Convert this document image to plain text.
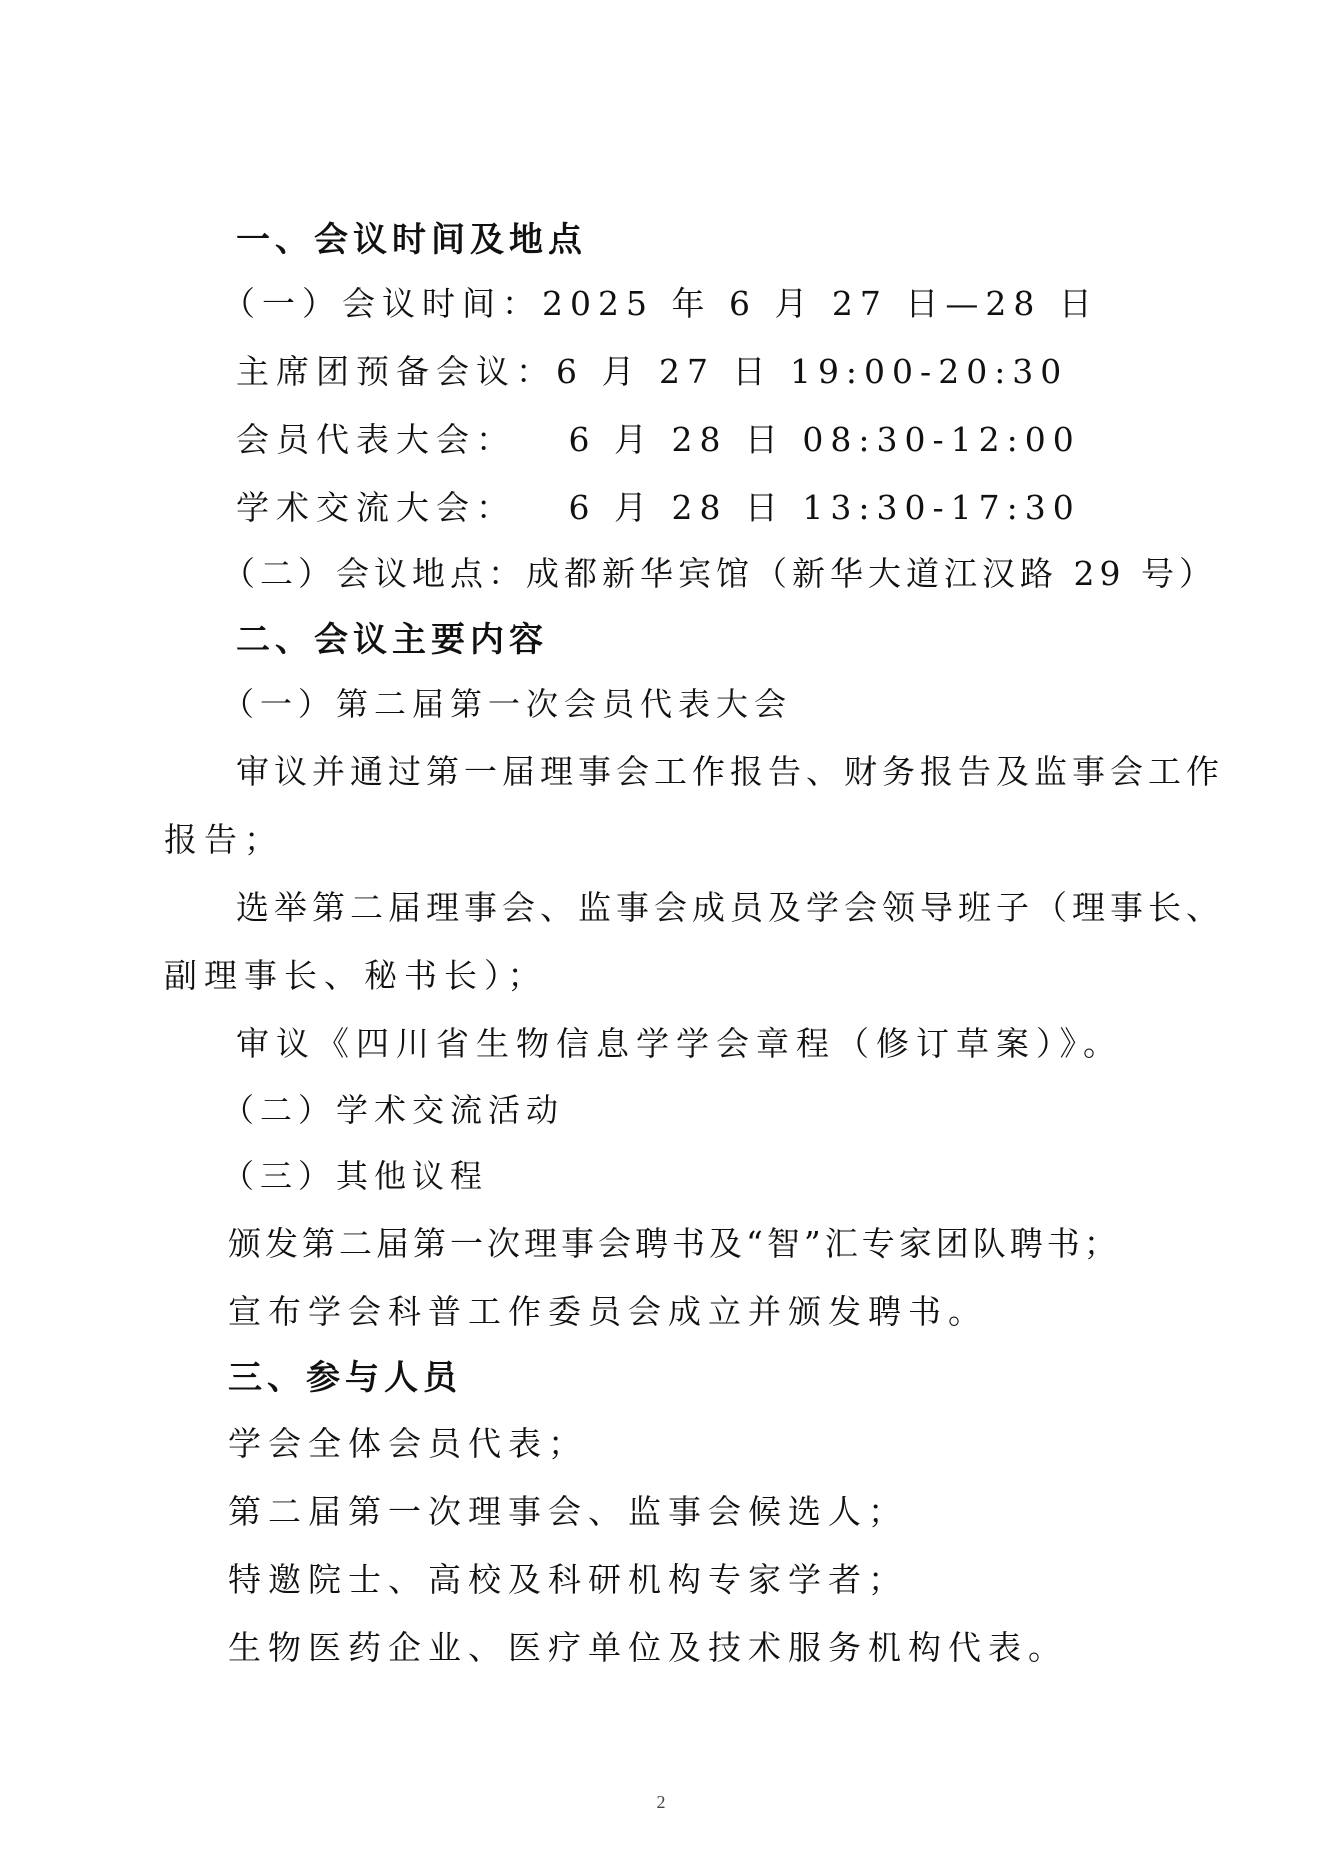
一、会议时间及地点
（一）会议时间：2025 年 6 月 27 日—28 日
主席团预备会议：6 月 27 日 19:00-20:30
会员代表大会：   6 月 28 日 08:30-12:00
学术交流大会：   6 月 28 日 13:30-17:30
（二）会议地点：成都新华宾馆（新华大道江汉路 29 号）
二、会议主要内容
（一）第二届第一次会员代表大会
审议并通过第一届理事会工作报告、财务报告及监事会工作
报告；
选举第二届理事会、监事会成员及学会领导班子（理事长、
副理事长、秘书长）；
审议《四川省生物信息学学会章程（修订草案）》。
（二）学术交流活动
（三）其他议程
颁发第二届第一次理事会聘书及“智”汇专家团队聘书；
宣布学会科普工作委员会成立并颁发聘书。
三、参与人员
学会全体会员代表；
第二届第一次理事会、监事会候选人；
特邀院士、高校及科研机构专家学者；
生物医药企业、医疗单位及技术服务机构代表。
2
